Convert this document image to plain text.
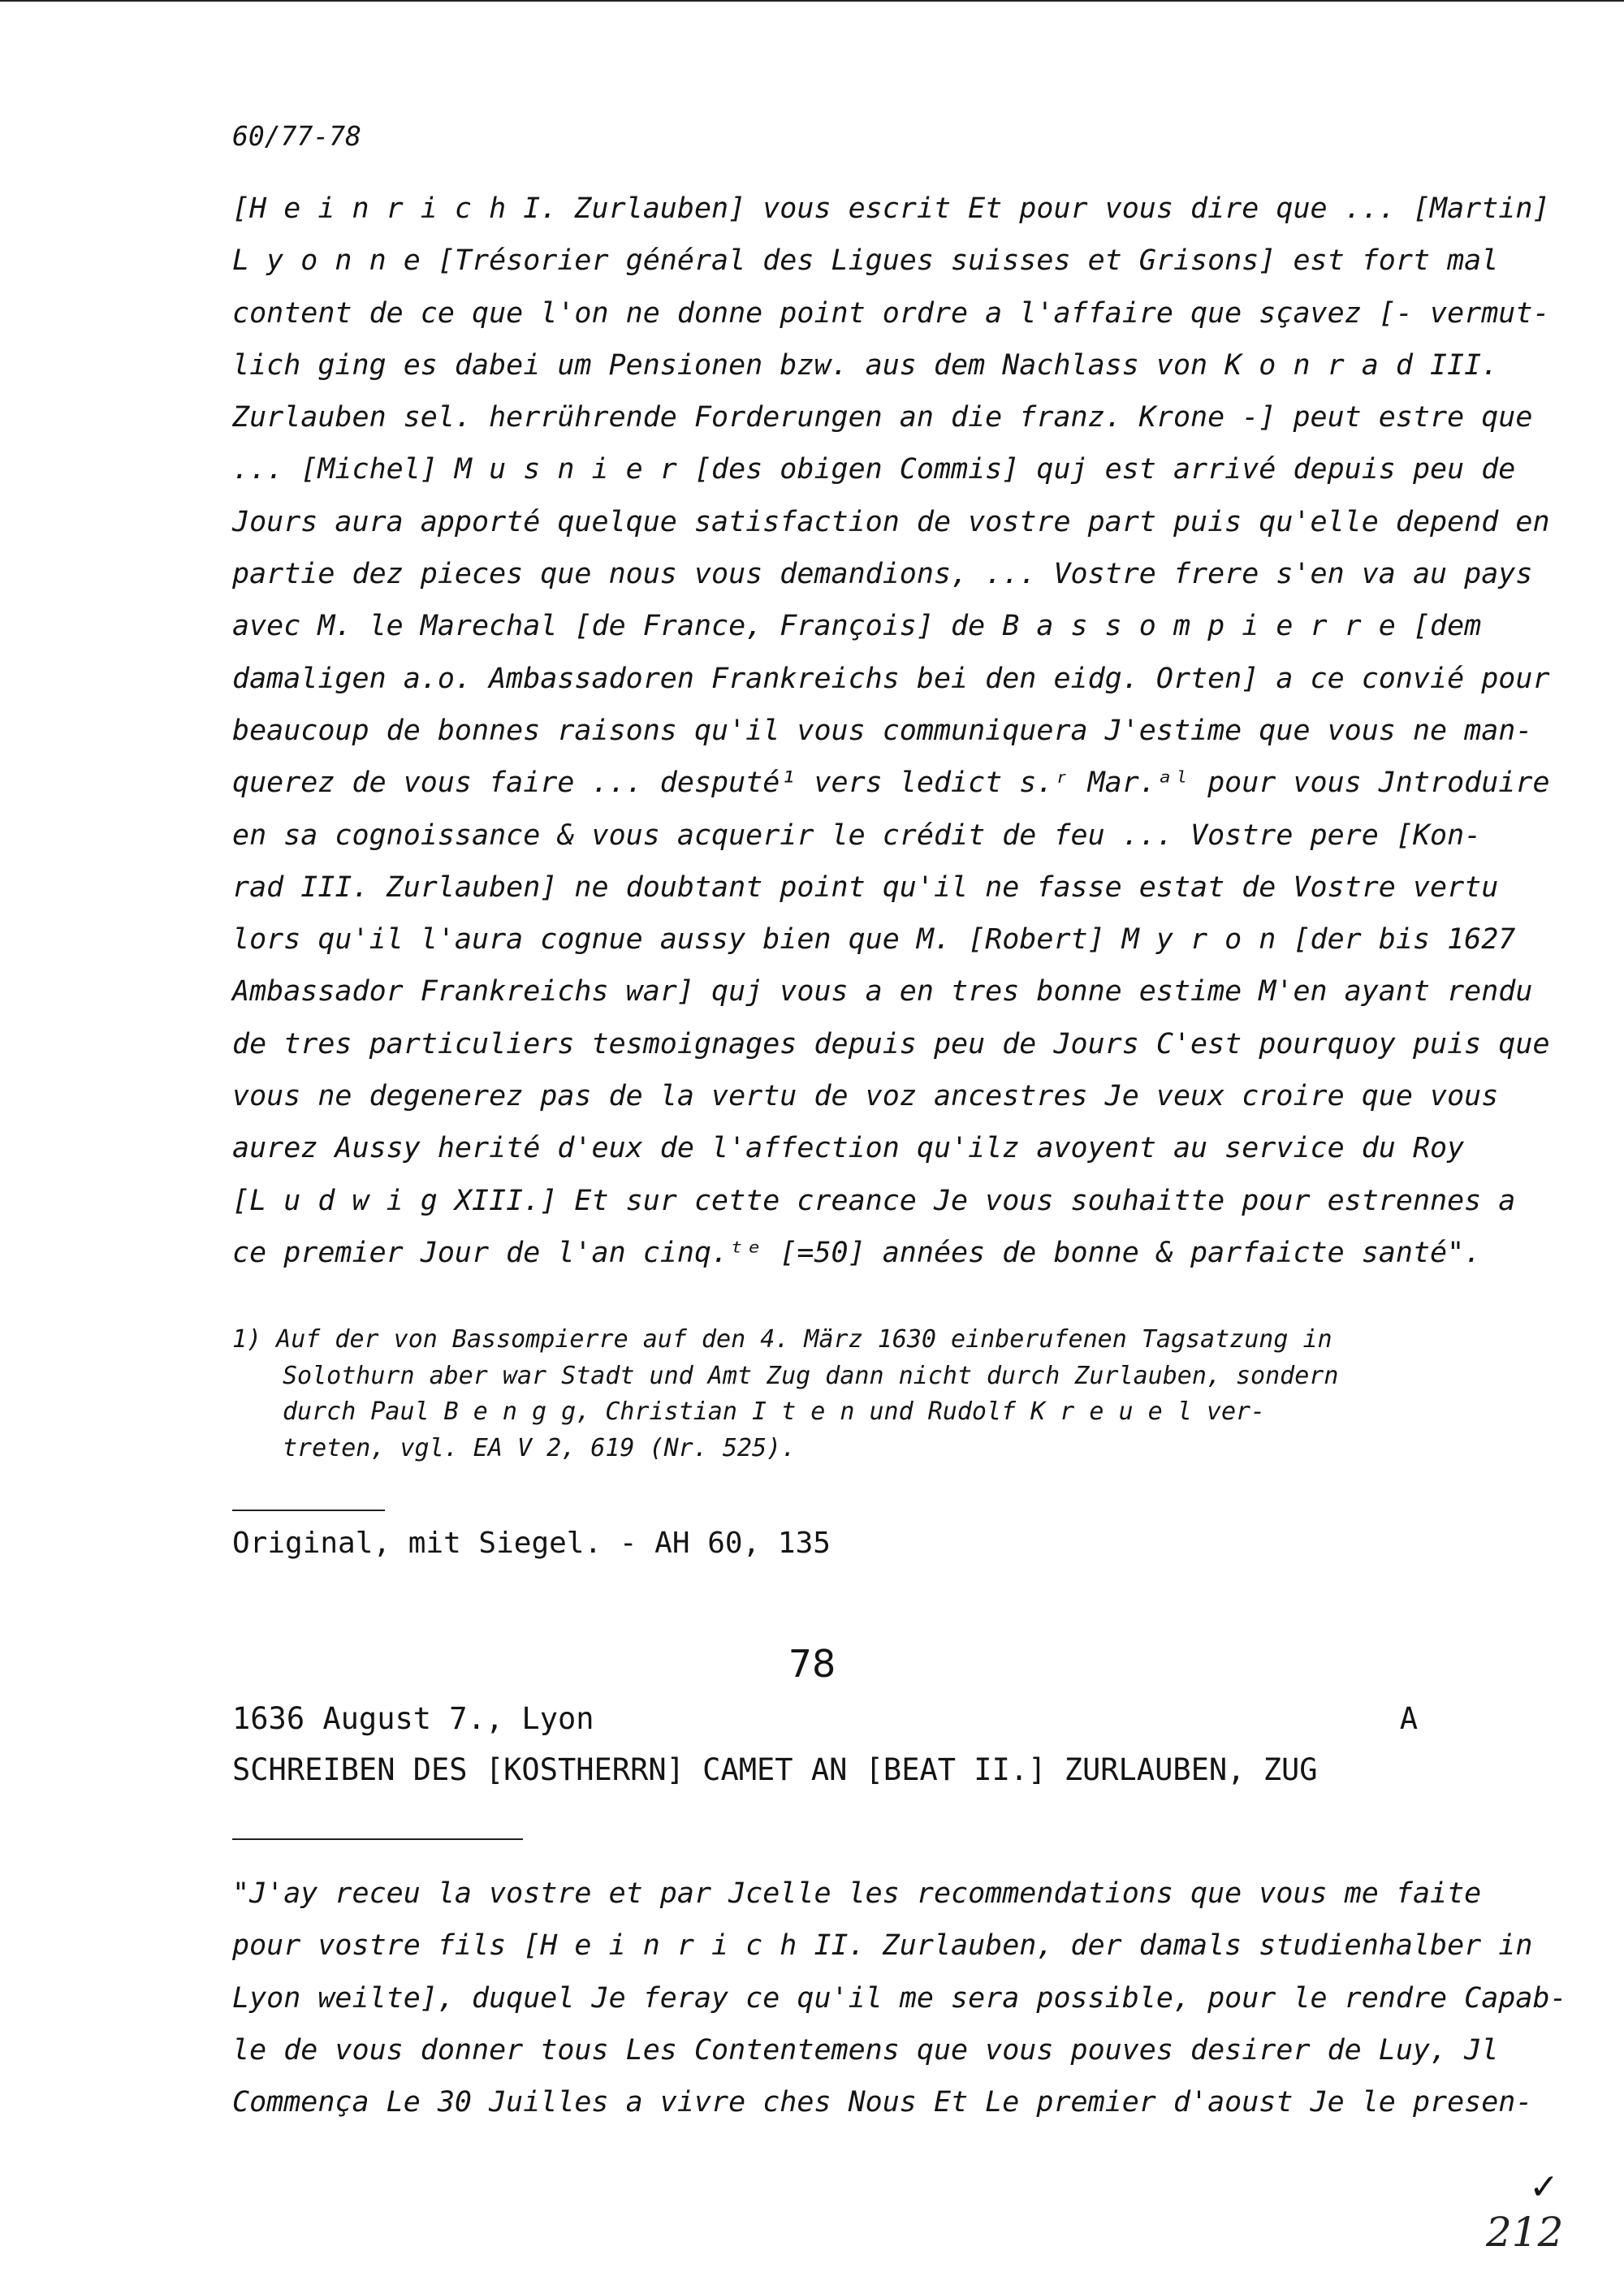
60/77-78

[H e i n r i c h I. Zurlauben] vous escrit Et pour vous dire que ... [Martin]

L y o n n e [Trésorier général des Ligues suisses et Grisons] est fort mal

content de ce que l'on ne donne point ordre a l'affaire que sçavez [- vermut-

lich ging es dabei um Pensionen bzw. aus dem Nachlass von K o n r a d III.

Zurlauben sel. herrührende Forderungen an die franz. Krone -] peut estre que

... [Michel] M u s n i e r [des obigen Commis] quj est arrivé depuis peu de

Jours aura apporté quelque satisfaction de vostre part puis qu'elle depend en

partie dez pieces que nous vous demandions, ... Vostre frere s'en va au pays

avec M. le Marechal [de France, François] de B a s s o m p i e r r e [dem

damaligen a.o. Ambassadoren Frankreichs bei den eidg. Orten] a ce convié pour

beaucoup de bonnes raisons qu'il vous communiquera J'estime que vous ne man-

querez de vous faire ... desputé¹ vers ledict s.ʳ Mar.ᵃˡ pour vous Jntroduire

en sa cognoissance & vous acquerir le crédit de feu ... Vostre pere [Kon-

rad III. Zurlauben] ne doubtant point qu'il ne fasse estat de Vostre vertu

lors qu'il l'aura cognue aussy bien que M. [Robert] M y r o n [der bis 1627

Ambassador Frankreichs war] quj vous a en tres bonne estime M'en ayant rendu

de tres particuliers tesmoignages depuis peu de Jours C'est pourquoy puis que

vous ne degenerez pas de la vertu de voz ancestres Je veux croire que vous

aurez Aussy herité d'eux de l'affection qu'ilz avoyent au service du Roy

[L u d w i g XIII.] Et sur cette creance Je vous souhaitte pour estrennes a

ce premier Jour de l'an cinq.ᵗᵉ [=50] années de bonne & parfaicte santé".

1) Auf der von Bassompierre auf den 4. März 1630 einberufenen Tagsatzung in

Solothurn aber war Stadt und Amt Zug dann nicht durch Zurlauben, sondern

durch Paul B e n g g, Christian I t e n und Rudolf K r e u e l ver-

treten, vgl. EA V 2, 619 (Nr. 525).

Original, mit Siegel. - AH 60, 135
78
1636 August 7., Lyon	A
SCHREIBEN DES [KOSTHERRN] CAMET AN [BEAT II.] ZURLAUBEN, ZUG

"J'ay receu la vostre et par Jcelle les recommendations que vous me faite

pour vostre fils [H e i n r i c h II. Zurlauben, der damals studienhalber in

Lyon weilte], duquel Je feray ce qu'il me sera possible, pour le rendre Capab-

le de vous donner tous Les Contentemens que vous pouves desirer de Luy, Jl

Commença Le 30 Juilles a vivre ches Nous Et Le premier d'aoust Je le presen-

✓
212
